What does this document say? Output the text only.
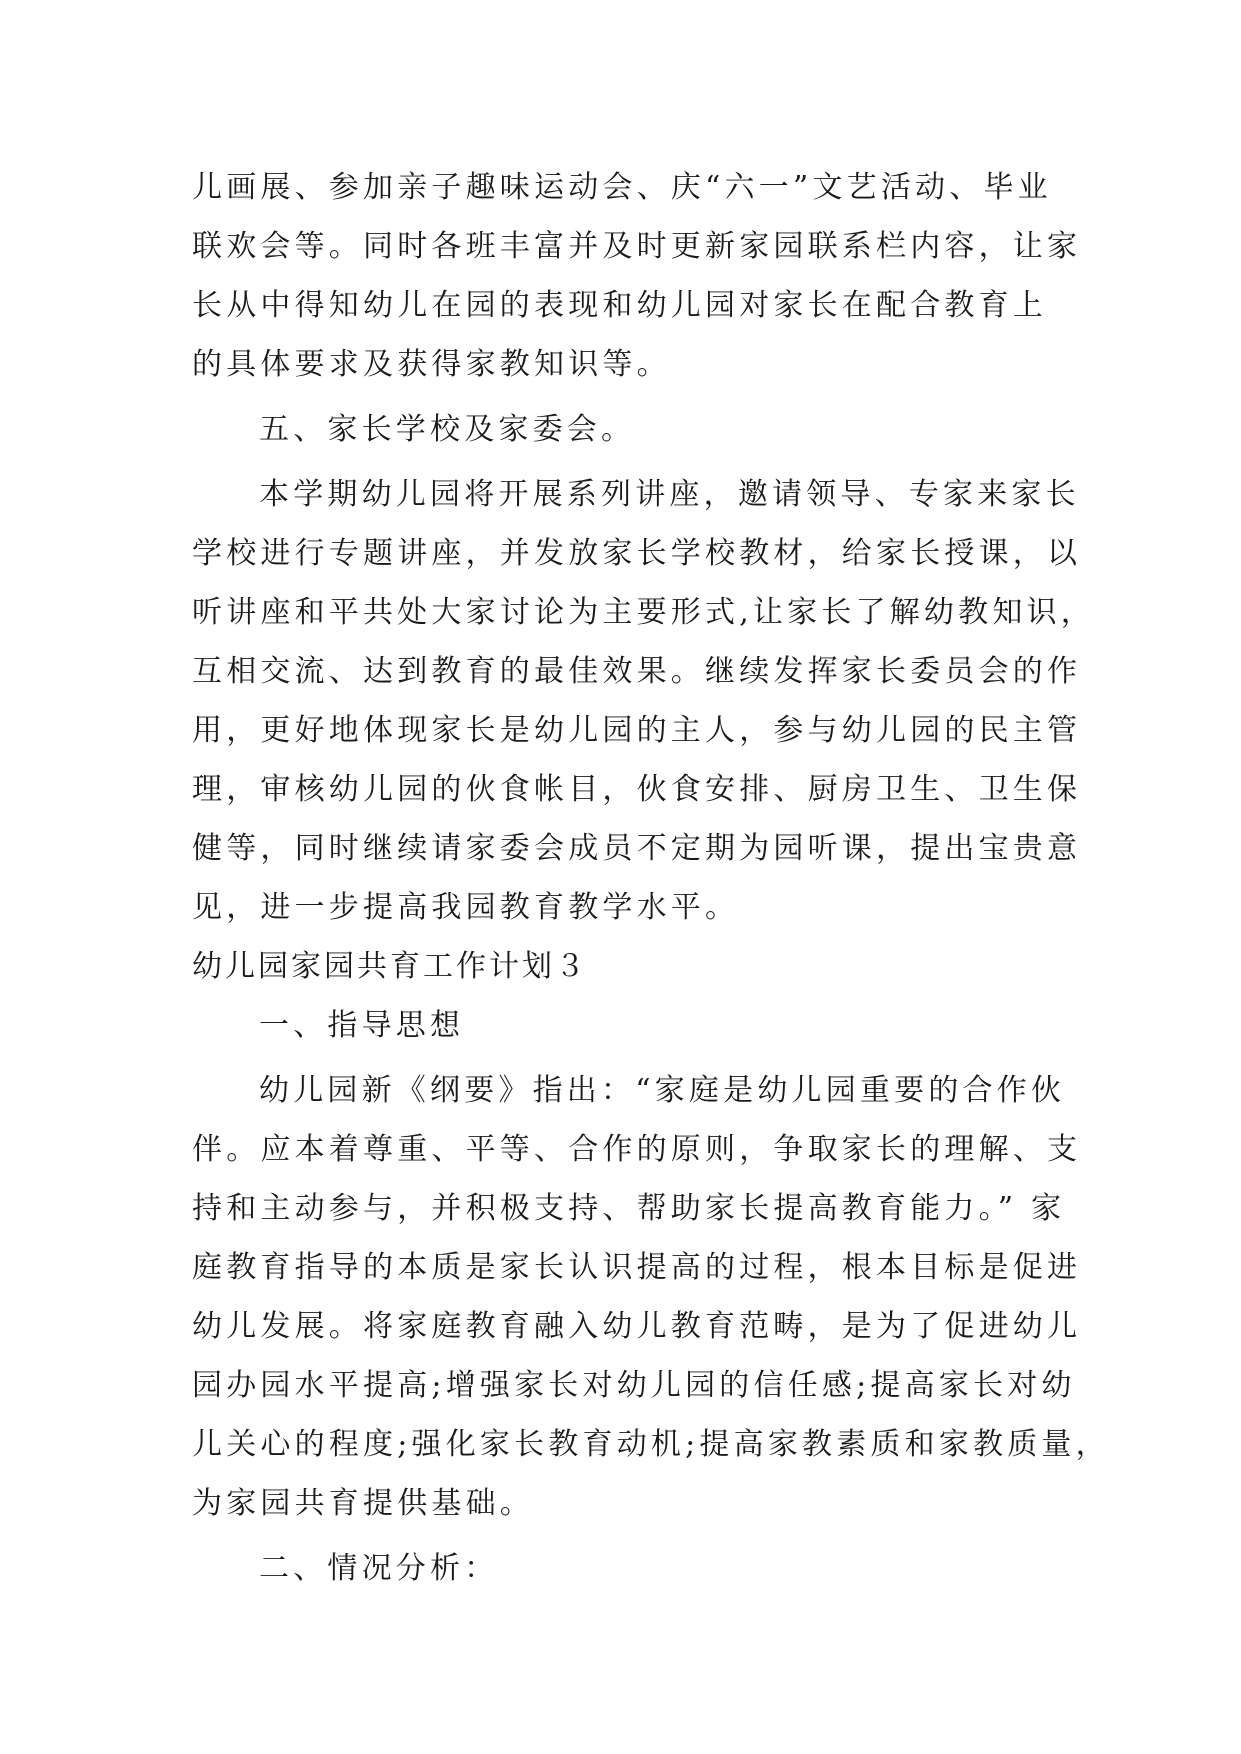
儿画展、参加亲子趣味运动会、庆“六一”文艺活动、毕业
联欢会等。同时各班丰富并及时更新家园联系栏内容，让家
长从中得知幼儿在园的表现和幼儿园对家长在配合教育上
的具体要求及获得家教知识等。
五、家长学校及家委会。
本学期幼儿园将开展系列讲座，邀请领导、专家来家长
学校进行专题讲座，并发放家长学校教材，给家长授课，以
听讲座和平共处大家讨论为主要形式,让家长了解幼教知识，
互相交流、达到教育的最佳效果。继续发挥家长委员会的作
用，更好地体现家长是幼儿园的主人，参与幼儿园的民主管
理，审核幼儿园的伙食帐目，伙食安排、厨房卫生、卫生保
健等，同时继续请家委会成员不定期为园听课，提出宝贵意
见，进一步提高我园教育教学水平。
幼儿园家园共育工作计划３
一、指导思想
幼儿园新《纲要》指出：“家庭是幼儿园重要的合作伙
伴。应本着尊重、平等、合作的原则，争取家长的理解、支
持和主动参与，并积极支持、帮助家长提高教育能力。” 家
庭教育指导的本质是家长认识提高的过程，根本目标是促进
幼儿发展。将家庭教育融入幼儿教育范畴，是为了促进幼儿
园办园水平提高;增强家长对幼儿园的信任感;提高家长对幼
儿关心的程度;强化家长教育动机;提高家教素质和家教质量，
为家园共育提供基础。
二、情况分析：
